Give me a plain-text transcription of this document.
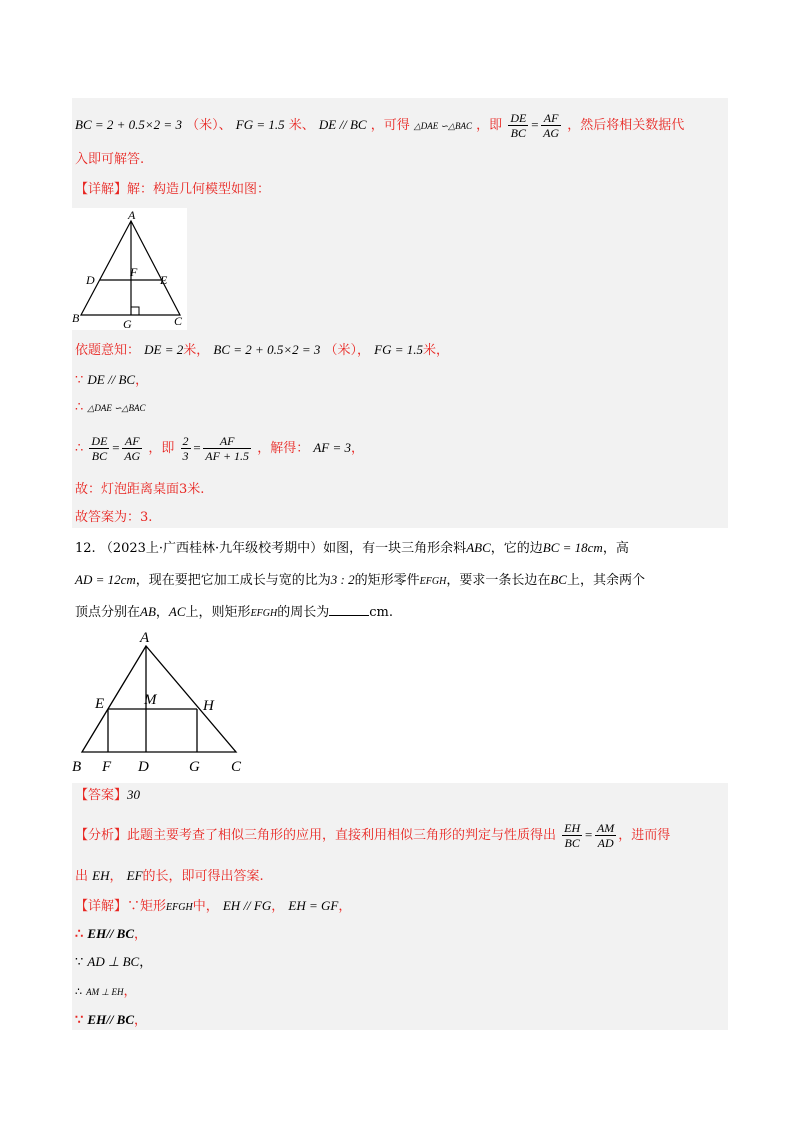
BC = 2 + 0.5×2 = 3 （米）、 FG = 1.5 米、 DE // BC ，可得 △DAE ∽△BAC ，即 $\frac{DE}{BC} = \frac{AF}{AG}$ ，然后将相关数据代
入即可解答.
【详解】解：构造几何模型如图：
A
D
F
E
B	G	C
依题意知： DE = 2米， BC = 2 + 0.5×2 = 3 （米）， FG = 1.5米，
∵ DE // BC，
∴ △DAE ∽△BAC
∴ $\frac{DE}{BC} = \frac{AF}{AG}$ ，即 $\frac{2}{3} = \frac{AF}{AF + 1.5}$ ，解得： AF = 3，
故：灯泡距离桌面3米.
故答案为：3.
12. （2023上·广西桂林·九年级校考期中）如图，有一块三角形余料ABC，它的边BC = 18cm，高
AD = 12cm，现在要把它加工成长与宽的比为3 : 2的矩形零件EFGH，要求一条长边在BC上，其余两个
顶点分别在AB，AC上，则矩形EFGH的周长为	cm.
A
E	M	H
B F D	G C
【答案】30
【分析】此题主要考查了相似三角形的应用，直接利用相似三角形的判定与性质得出 $\frac{EH}{BC} = \frac{AM}{AD}$ ，进而得
出 EH， EF的长，即可得出答案.
【详解】∵矩形EFGH中， EH // FG， EH = GF，
∴ EH// BC，
∵ AD ⊥ BC，
∴ AM ⊥ EH，
∵ EH// BC，
